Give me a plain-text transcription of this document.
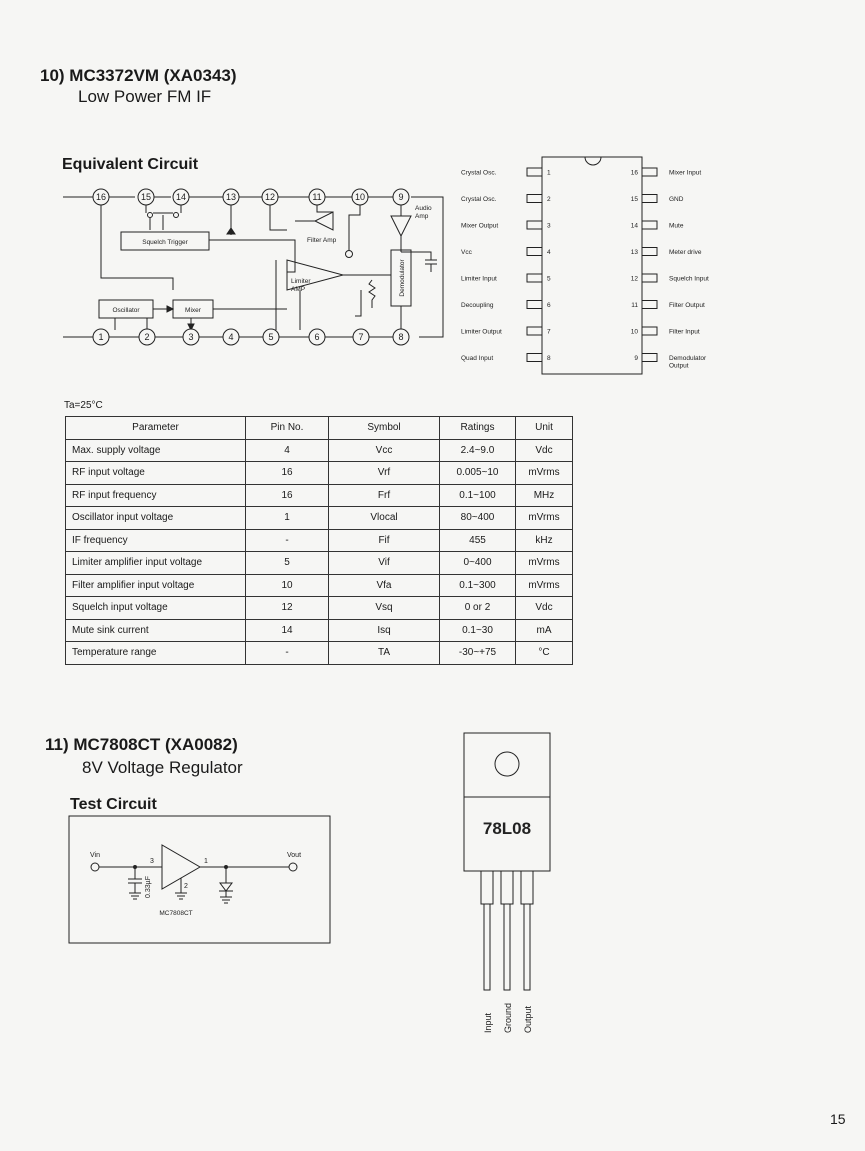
10) MC3372VM (XA0343)
Low Power FM IF
Equivalent Circuit
16	15	14	13	12	11	10	9
1	2	3	4	5	6	7	8
Squelch Trigger	Filter Amp
Audio
Amp
Limiter
AMP
Oscillator	Mixer
Demodulator
1
Crystal Osc.
2
Crystal Osc.
3
Mixer Output
4
Vcc
5
Limiter Input
6
Decoupling
7
Limiter Output
8
Quad Input
16	Mixer Input
15	GND
14	Mute
13	Meter drive
12	Squelch Input
11	Filter Output
10	Filter Input
9	Demodulator
Output
Ta=25°C
Parameter	Pin No.	Symbol	Ratings	Unit
Max. supply voltage	4	Vcc	2.4~9.0	Vdc
RF input voltage	16	Vrf	0.005~10	mVrms
RF input frequency	16	Frf	0.1~100	MHz
Oscillator input voltage	1	Vlocal	80~400	mVrms
IF frequency	-	Fif	455	kHz
Limiter amplifier input voltage	5	Vif	0~400	mVrms
Filter amplifier input voltage	10	Vfa	0.1~300	mVrms
Squelch input voltage	12	Vsq	0 or 2	Vdc
Mute sink current	14	Isq	0.1~30	mA
Temperature range	-	TA	-30~+75	°C
11) MC7808CT (XA0082)
8V Voltage Regulator
Test Circuit
Vin	Vout
3	1
2
0.33µF
MC7808CT
78L08
Input Ground Output
15
